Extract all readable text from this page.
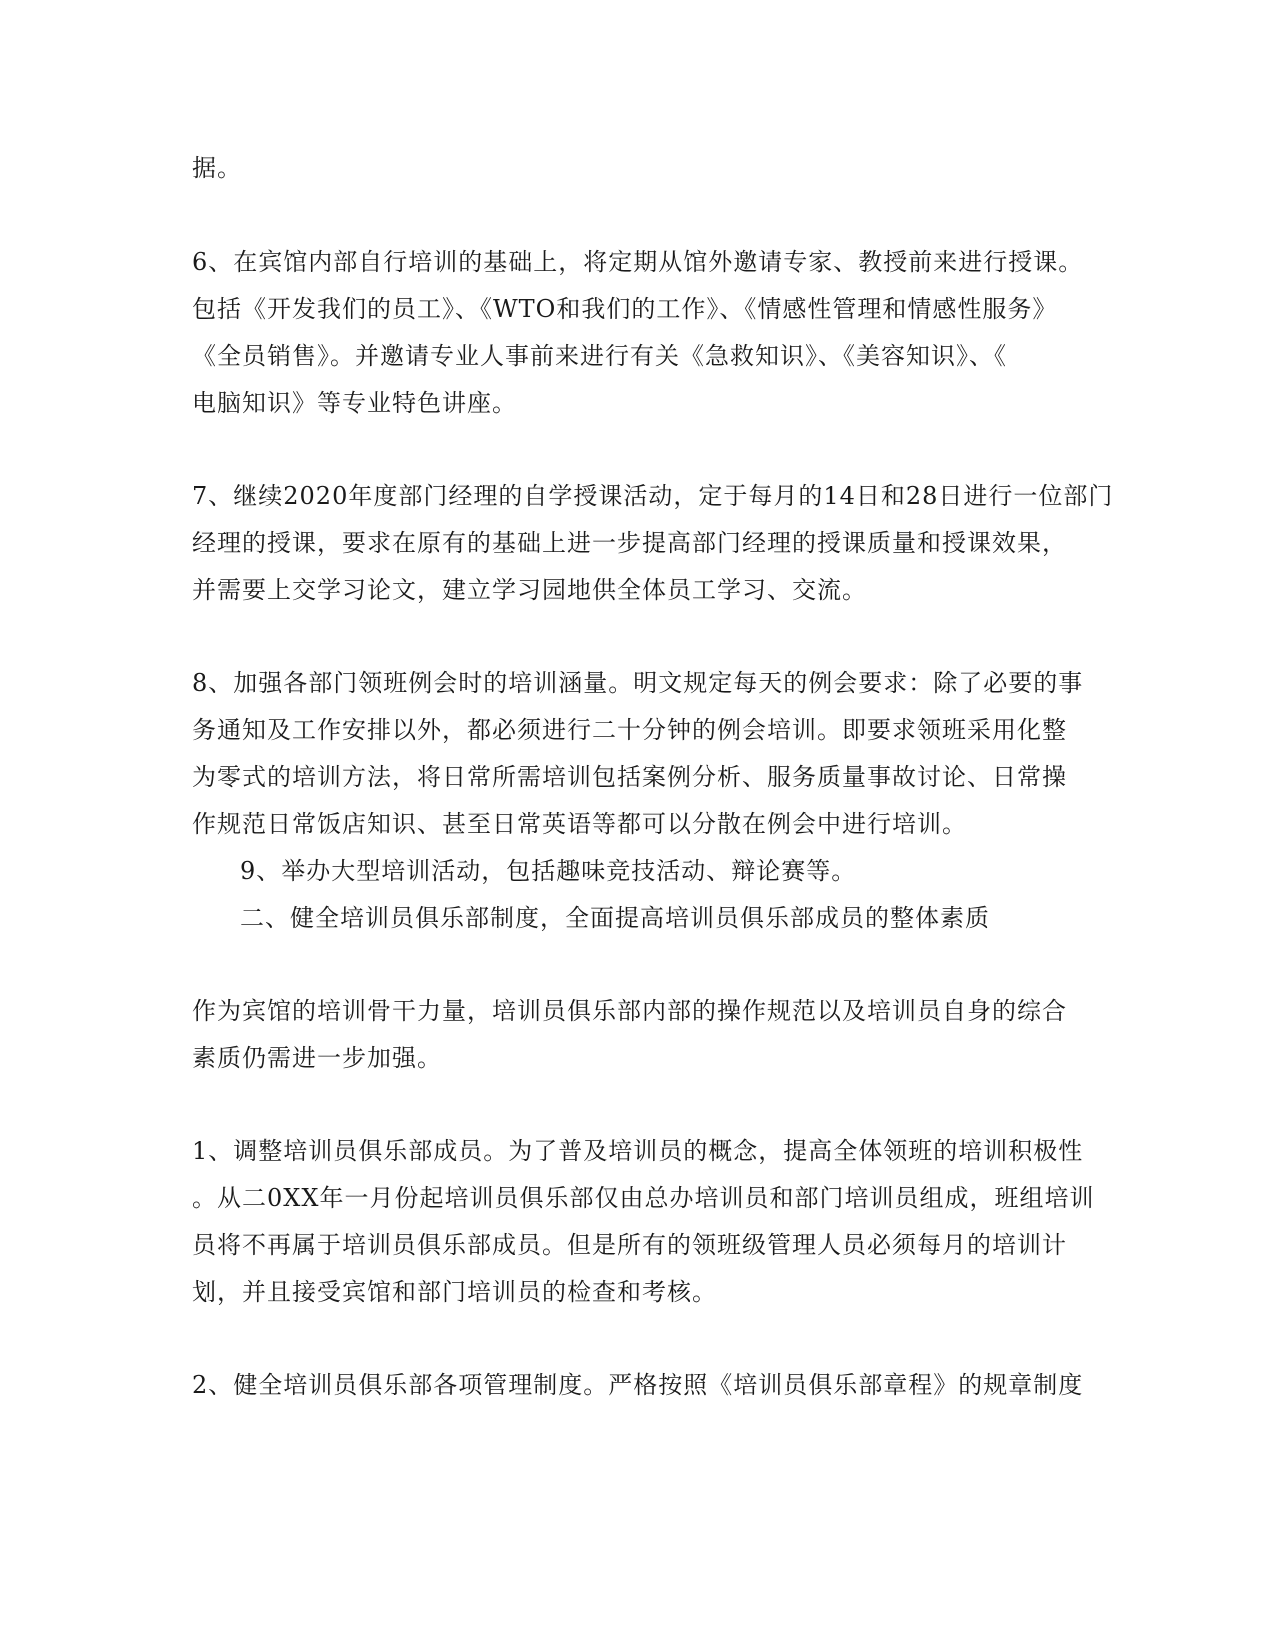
据。
6、在宾馆内部自行培训的基础上，将定期从馆外邀请专家、教授前来进行授课。
包括《开发我们的员工》、《WTO和我们的工作》、《情感性管理和情感性服务》
《全员销售》。并邀请专业人事前来进行有关《急救知识》、《美容知识》、《
电脑知识》等专业特色讲座。
7、继续2020年度部门经理的自学授课活动，定于每月的14日和28日进行一位部门
经理的授课，要求在原有的基础上进一步提高部门经理的授课质量和授课效果，
并需要上交学习论文，建立学习园地供全体员工学习、交流。
8、加强各部门领班例会时的培训涵量。明文规定每天的例会要求：除了必要的事
务通知及工作安排以外，都必须进行二十分钟的例会培训。即要求领班采用化整
为零式的培训方法，将日常所需培训包括案例分析、服务质量事故讨论、日常操
作规范日常饭店知识、甚至日常英语等都可以分散在例会中进行培训。
9、举办大型培训活动，包括趣味竞技活动、辩论赛等。
二、健全培训员俱乐部制度，全面提高培训员俱乐部成员的整体素质
作为宾馆的培训骨干力量，培训员俱乐部内部的操作规范以及培训员自身的综合
素质仍需进一步加强。
1、调整培训员俱乐部成员。为了普及培训员的概念，提高全体领班的培训积极性
。从二0XX年一月份起培训员俱乐部仅由总办培训员和部门培训员组成，班组培训
员将不再属于培训员俱乐部成员。但是所有的领班级管理人员必须每月的培训计
划，并且接受宾馆和部门培训员的检查和考核。
2、健全培训员俱乐部各项管理制度。严格按照《培训员俱乐部章程》的规章制度
